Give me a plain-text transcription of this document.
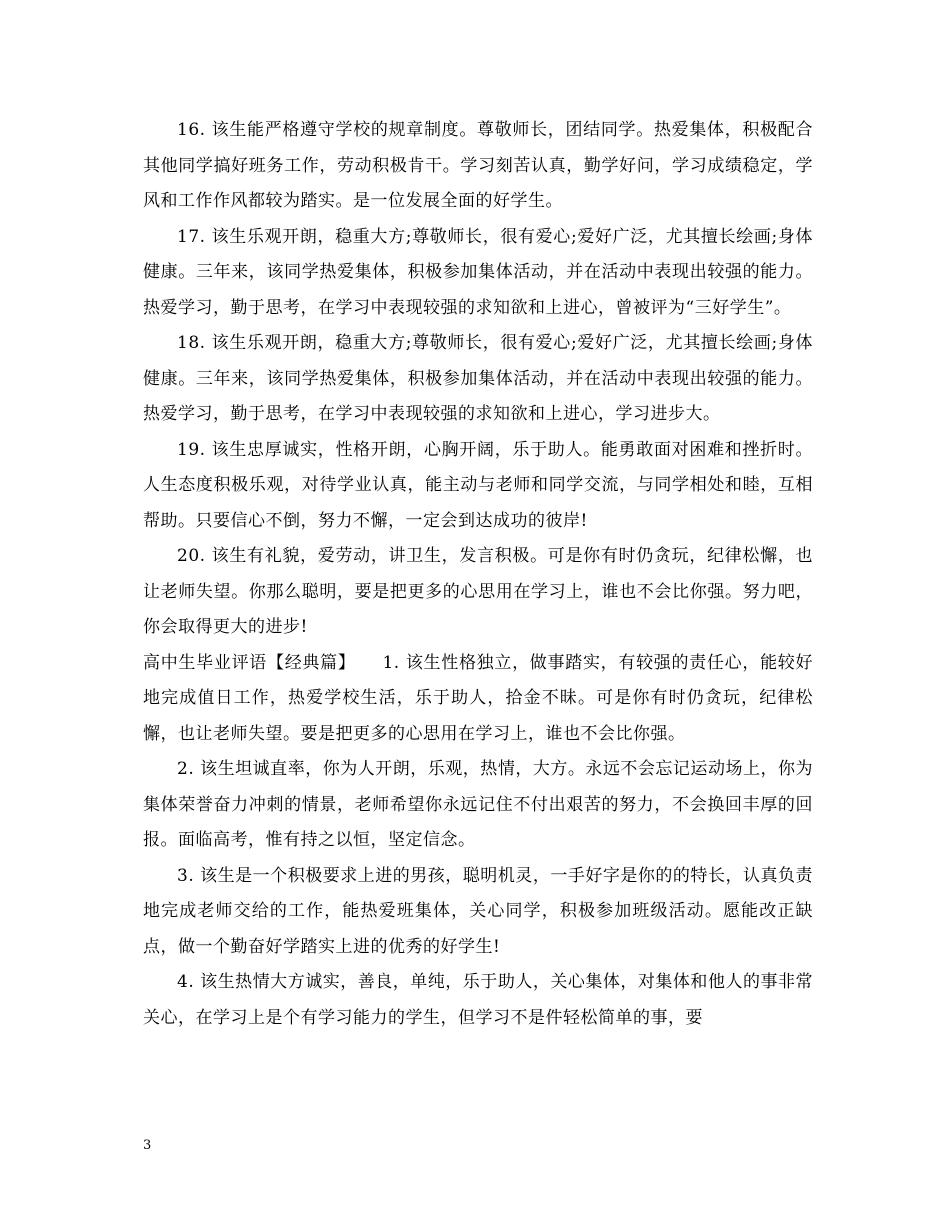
16. 该生能严格遵守学校的规章制度。尊敬师长，团结同学。热爱集体，积极配合其他同学搞好班务工作，劳动积极肯干。学习刻苦认真，勤学好问，学习成绩稳定，学风和工作作风都较为踏实。是一位发展全面的好学生。

17. 该生乐观开朗，稳重大方;尊敬师长，很有爱心;爱好广泛，尤其擅长绘画;身体健康。三年来，该同学热爱集体，积极参加集体活动，并在活动中表现出较强的能力。热爱学习，勤于思考，在学习中表现较强的求知欲和上进心，曾被评为“三好学生”。

18. 该生乐观开朗，稳重大方;尊敬师长，很有爱心;爱好广泛，尤其擅长绘画;身体健康。三年来，该同学热爱集体，积极参加集体活动，并在活动中表现出较强的能力。热爱学习，勤于思考，在学习中表现较强的求知欲和上进心，学习进步大。

19. 该生忠厚诚实，性格开朗，心胸开阔，乐于助人。能勇敢面对困难和挫折时。人生态度积极乐观，对待学业认真，能主动与老师和同学交流，与同学相处和睦，互相帮助。只要信心不倒，努力不懈，一定会到达成功的彼岸!

20. 该生有礼貌，爱劳动，讲卫生，发言积极。可是你有时仍贪玩，纪律松懈，也让老师失望。你那么聪明，要是把更多的心思用在学习上，谁也不会比你强。努力吧，你会取得更大的进步!

高中生毕业评语【经典篇】　　1. 该生性格独立，做事踏实，有较强的责任心，能较好地完成值日工作，热爱学校生活，乐于助人，拾金不昧。可是你有时仍贪玩，纪律松懈，也让老师失望。要是把更多的心思用在学习上，谁也不会比你强。

2. 该生坦诚直率，你为人开朗，乐观，热情，大方。永远不会忘记运动场上，你为集体荣誉奋力冲刺的情景，老师希望你永远记住不付出艰苦的努力，不会换回丰厚的回报。面临高考，惟有持之以恒，坚定信念。

3. 该生是一个积极要求上进的男孩，聪明机灵，一手好字是你的的特长，认真负责地完成老师交给的工作，能热爱班集体，关心同学，积极参加班级活动。愿能改正缺点，做一个勤奋好学踏实上进的优秀的好学生!

4. 该生热情大方诚实，善良，单纯，乐于助人，关心集体，对集体和他人的事非常关心，在学习上是个有学习能力的学生，但学习不是件轻松简单的事，要

3
